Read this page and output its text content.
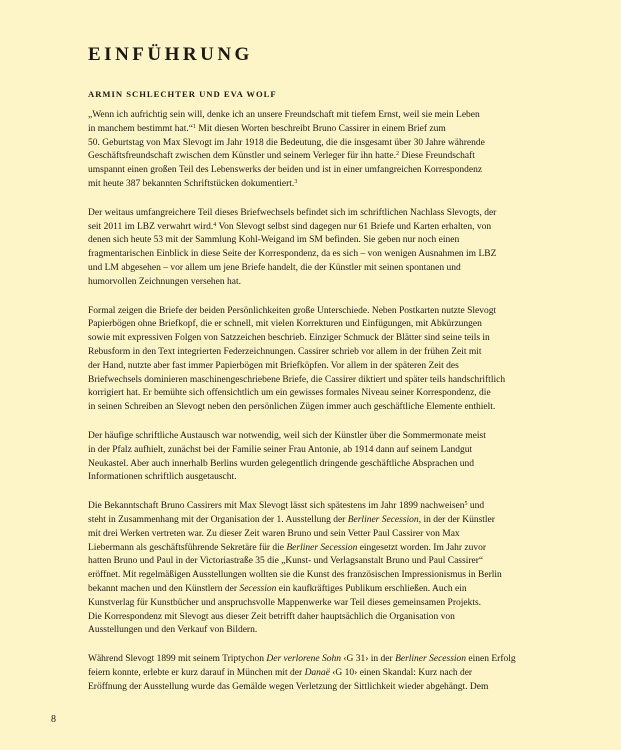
EINFÜHRUNG

ARMIN SCHLECHTER UND EVA WOLF

„Wenn ich aufrichtig sein will, denke ich an unsere Freundschaft mit tiefem Ernst, weil sie mein Leben
in manchem bestimmt hat.“$^1$ Mit diesen Worten beschreibt Bruno Cassirer in einem Brief zum
50. Geburtstag von Max Slevogt im Jahr 1918 die Bedeutung, die die insgesamt über 30 Jahre währende
Geschäftsfreundschaft zwischen dem Künstler und seinem Verleger für ihn hatte.$^2$ Diese Freundschaft
umspannt einen großen Teil des Lebenswerks der beiden und ist in einer umfangreichen Korrespondenz
mit heute 387 bekannten Schriftstücken dokumentiert.$^3$
Der weitaus umfangreichere Teil dieses Briefwechsels befindet sich im schriftlichen Nachlass Slevogts, der
seit 2011 im LBZ verwahrt wird.$^4$ Von Slevogt selbst sind dagegen nur 61 Briefe und Karten erhalten, von
denen sich heute 53 mit der Sammlung Kohl-Weigand im SM befinden. Sie geben nur noch einen
fragmentarischen Einblick in diese Seite der Korrespondenz, da es sich – von wenigen Ausnahmen im LBZ
und LM abgesehen – vor allem um jene Briefe handelt, die der Künstler mit seinen spontanen und
humorvollen Zeichnungen versehen hat.
Formal zeigen die Briefe der beiden Persönlichkeiten große Unterschiede. Neben Postkarten nutzte Slevogt
Papierbögen ohne Briefkopf, die er schnell, mit vielen Korrekturen und Einfügungen, mit Abkürzungen
sowie mit expressiven Folgen von Satzzeichen beschrieb. Einziger Schmuck der Blätter sind seine teils in
Rebusform in den Text integrierten Federzeichnungen. Cassirer schrieb vor allem in der frühen Zeit mit
der Hand, nutzte aber fast immer Papierbögen mit Briefköpfen. Vor allem in der späteren Zeit des
Briefwechsels dominieren maschinengeschriebene Briefe, die Cassirer diktiert und später teils handschriftlich
korrigiert hat. Er bemühte sich offensichtlich um ein gewisses formales Niveau seiner Korrespondenz, die
in seinen Schreiben an Slevogt neben den persönlichen Zügen immer auch geschäftliche Elemente enthielt.
Der häufige schriftliche Austausch war notwendig, weil sich der Künstler über die Sommermonate meist
in der Pfalz aufhielt, zunächst bei der Familie seiner Frau Antonie, ab 1914 dann auf seinem Landgut
Neukastel. Aber auch innerhalb Berlins wurden gelegentlich dringende geschäftliche Absprachen und
Informationen schriftlich ausgetauscht.
Die Bekanntschaft Bruno Cassirers mit Max Slevogt lässt sich spätestens im Jahr 1899 nachweisen$^5$ und
steht in Zusammenhang mit der Organisation der 1. Ausstellung der Berliner Secession, in der der Künstler
mit drei Werken vertreten war. Zu dieser Zeit waren Bruno und sein Vetter Paul Cassirer von Max
Liebermann als geschäftsführende Sekretäre für die Berliner Secession eingesetzt worden. Im Jahr zuvor
hatten Bruno und Paul in der Victoriastraße 35 die „Kunst- und Verlagsanstalt Bruno und Paul Cassirer“
eröffnet. Mit regelmäßigen Ausstellungen wollten sie die Kunst des französischen Impressionismus in Berlin
bekannt machen und den Künstlern der Secession ein kaufkräftiges Publikum erschließen. Auch ein
Kunstverlag für Kunstbücher und anspruchsvolle Mappenwerke war Teil dieses gemeinsamen Projekts.
Die Korrespondenz mit Slevogt aus dieser Zeit betrifft daher hauptsächlich die Organisation von
Ausstellungen und den Verkauf von Bildern.
Während Slevogt 1899 mit seinem Triptychon Der verlorene Sohn ‹G 31› in der Berliner Secession einen Erfolg
feiern konnte, erlebte er kurz darauf in München mit der Danaë ‹G 10› einen Skandal: Kurz nach der
Eröffnung der Ausstellung wurde das Gemälde wegen Verletzung der Sittlichkeit wieder abgehängt. Dem

8
